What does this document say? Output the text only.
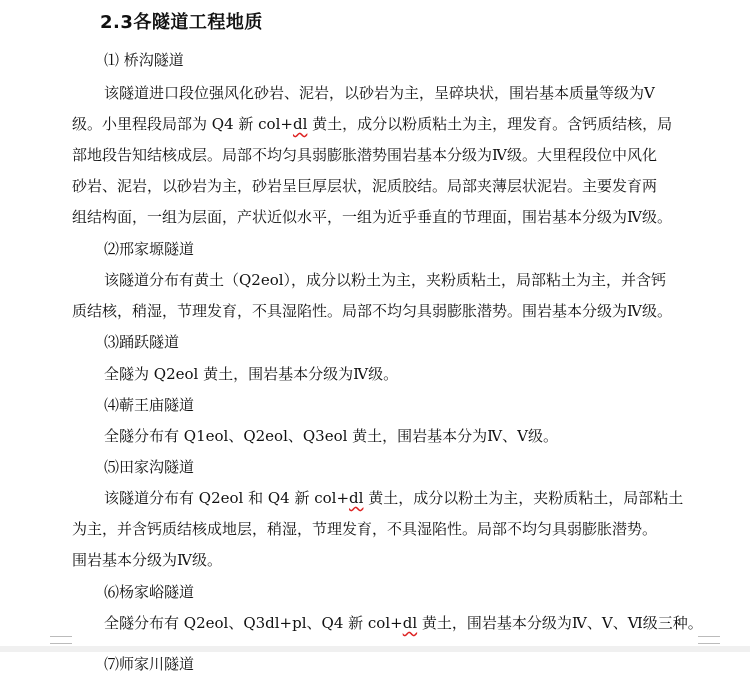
2.3各隧道工程地质
⑴ 桥沟隧道
该隧道进口段位强风化砂岩、泥岩，以砂岩为主，呈碎块状，围岩基本质量等级为Ⅴ
级。小里程段局部为 Q4 新 col+dl 黄土，成分以粉质粘土为主，理发育。含钙质结核，局
部地段告知结核成层。局部不均匀具弱膨胀潜势围岩基本分级为Ⅳ级。大里程段位中风化
砂岩、泥岩，以砂岩为主，砂岩呈巨厚层状，泥质胶结。局部夹薄层状泥岩。主要发育两
组结构面，一组为层面，产状近似水平，一组为近乎垂直的节理面，围岩基本分级为Ⅳ级。
⑵邢家塬隧道
该隧道分布有黄土（Q2eol），成分以粉土为主，夹粉质粘土，局部粘土为主，并含钙
质结核，稍湿，节理发育，不具湿陷性。局部不均匀具弱膨胀潜势。围岩基本分级为Ⅳ级。
⑶踊跃隧道
全隧为 Q2eol 黄土，围岩基本分级为Ⅳ级。
⑷蕲王庙隧道
全隧分布有 Q1eol、Q2eol、Q3eol 黄土，围岩基本分为Ⅳ、Ⅴ级。
⑸田家沟隧道
该隧道分布有 Q2eol 和 Q4 新 col+dl 黄土，成分以粉土为主，夹粉质粘土，局部粘土
为主，并含钙质结核成地层，稍湿，节理发育，不具湿陷性。局部不均匀具弱膨胀潜势。
围岩基本分级为Ⅳ级。
⑹杨家峪隧道
全隧分布有 Q2eol、Q3dl+pl、Q4 新 col+dl 黄土，围岩基本分级为Ⅳ、Ⅴ、Ⅵ级三种。
⑺师家川隧道
